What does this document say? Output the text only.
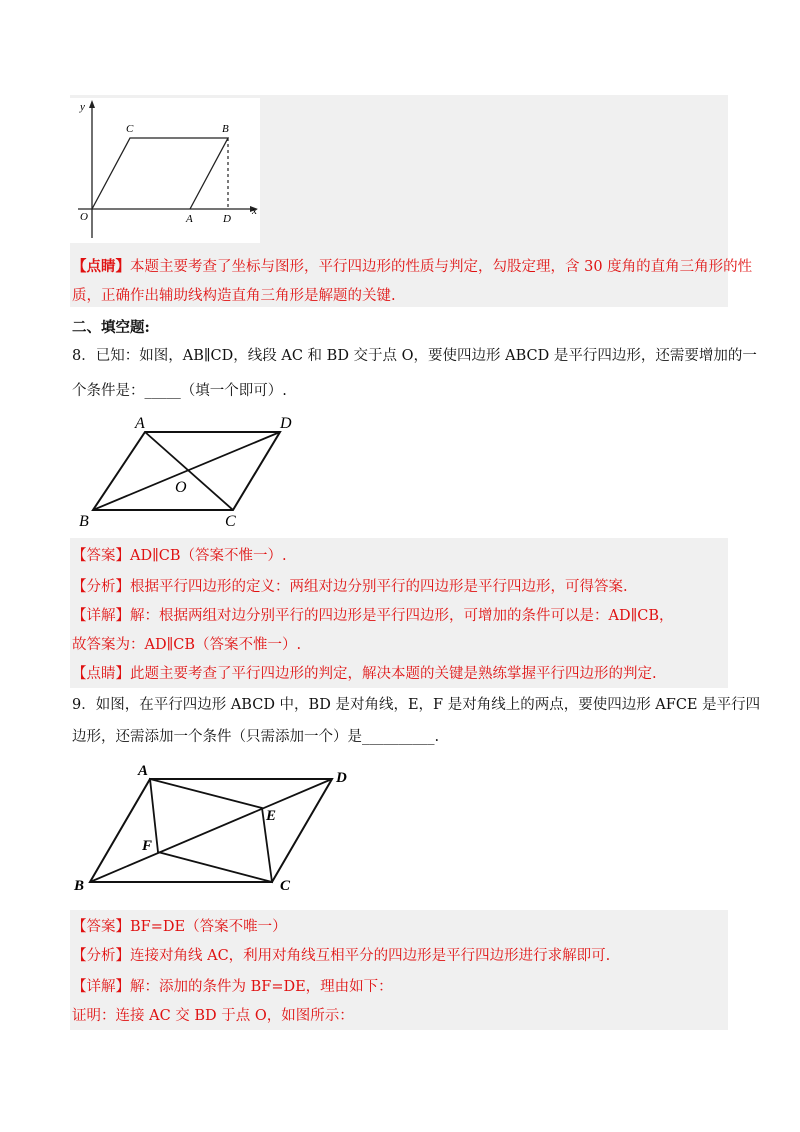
y
x
C	B
O	A	D
【点睛】本题主要考查了坐标与图形，平行四边形的性质与判定，勾股定理，含 30 度角的直角三角形的性
质，正确作出辅助线构造直角三角形是解题的关键.
二、填空题:
8．已知：如图，AB∥CD，线段 AC 和 BD 交于点 O，要使四边形 ABCD 是平行四边形，还需要增加的一
个条件是：_____（填一个即可）.
A	D
O
B	C
【答案】AD∥CB（答案不惟一）.
【分析】根据平行四边形的定义：两组对边分别平行的四边形是平行四边形，可得答案.
【详解】解：根据两组对边分别平行的四边形是平行四边形，可增加的条件可以是：AD∥CB，
故答案为：AD∥CB（答案不惟一）.
【点睛】此题主要考查了平行四边形的判定，解决本题的关键是熟练掌握平行四边形的判定.
9．如图，在平行四边形 ABCD 中，BD 是对角线，E，F 是对角线上的两点，要使四边形 AFCE 是平行四
边形，还需添加一个条件（只需添加一个）是__________.
A	D
E
F
B	C
【答案】BF=DE（答案不唯一）
【分析】连接对角线 AC，利用对角线互相平分的四边形是平行四边形进行求解即可.
【详解】解：添加的条件为 BF=DE，理由如下：
证明：连接 AC 交 BD 于点 O，如图所示：
